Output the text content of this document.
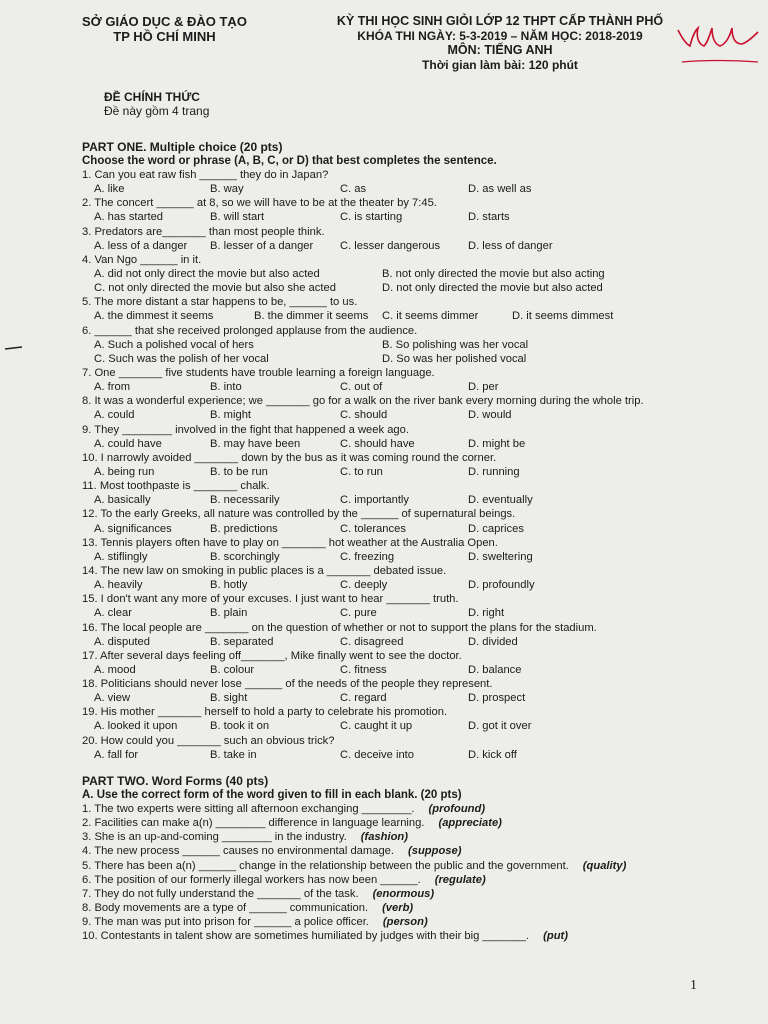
SỞ GIÁO DỤC & ĐÀO TẠO
TP HỒ CHÍ MINH
KỲ THI HỌC SINH GIỎI LỚP 12 THPT CẤP THÀNH PHỐ
KHÓA THI NGÀY: 5-3-2019 – NĂM HỌC: 2018-2019
MÔN: TIẾNG ANH
Thời gian làm bài: 120 phút
ĐỀ CHÍNH THỨC
Đề này gồm 4 trang
PART ONE. Multiple choice (20 pts)
Choose the word or phrase (A, B, C, or D) that best completes the sentence.
1. Can you eat raw fish ______ they do in Japan?
A. like	B. way	C. as	D. as well as
2. The concert ______ at 8, so we will have to be at the theater by 7:45.
A. has started	B. will start	C. is starting	D. starts
3. Predators are_______ than most people think.
A. less of a danger B. lesser of a danger C. lesser dangerous D. less of danger
4. Van Ngo ______ in it.
A. did not only direct the movie but also acted	B. not only directed the movie but also acting
C. not only directed the movie but also she acted	D. not only directed the movie but also acted
5. The more distant a star happens to be, ______ to us.
A. the dimmest it seems	B. the dimmer it seems C. it seems dimmer	D. it seems dimmest
6. ______ that she received prolonged applause from the audience.
A. Such a polished vocal of hers	B. So polishing was her vocal
C. Such was the polish of her vocal	D. So was her polished vocal
7. One _______ five students have trouble learning a foreign language.
A. from	B. into	C. out of	D. per
8. It was a wonderful experience; we _______ go for a walk on the river bank every morning during the whole trip.
A. could	B. might	C. should	D. would
9. They ________ involved in the fight that happened a week ago.
A. could have	B. may have been	C. should have	D. might be
10. I narrowly avoided _______ down by the bus as it was coming round the corner.
A. being run	B. to be run	C. to run	D. running
11. Most toothpaste is _______ chalk.
A. basically	B. necessarily	C. importantly	D. eventually
12. To the early Greeks, all nature was controlled by the ______ of supernatural beings.
A. significances	B. predictions	C. tolerances	D. caprices
13. Tennis players often have to play on _______ hot weather at the Australia Open.
A. stiflingly	B. scorchingly	C. freezing	D. sweltering
14. The new law on smoking in public places is a _______ debated issue.
A. heavily	B. hotly	C. deeply	D. profoundly
15. I don't want any more of your excuses. I just want to hear _______ truth.
A. clear	B. plain	C. pure	D. right
16. The local people are _______ on the question of whether or not to support the plans for the stadium.
A. disputed	B. separated	C. disagreed	D. divided
17. After several days feeling off_______, Mike finally went to see the doctor.
A. mood	B. colour	C. fitness	D. balance
18. Politicians should never lose ______ of the needs of the people they represent.
A. view	B. sight	C. regard	D. prospect
19. His mother _______ herself to hold a party to celebrate his promotion.
A. looked it upon	B. took it on	C. caught it up	D. got it over
20. How could you _______ such an obvious trick?
A. fall for	B. take in	C. deceive into	D. kick off
PART TWO. Word Forms (40 pts)
A. Use the correct form of the word given to fill in each blank. (20 pts)
1. The two experts were sitting all afternoon exchanging ________. (profound)
2. Facilities can make a(n) ________ difference in language learning. (appreciate)
3. She is an up-and-coming ________ in the industry. (fashion)
4. The new process ______ causes no environmental damage. (suppose)
5. There has been a(n) ______ change in the relationship between the public and the government. (quality)
6. The position of our formerly illegal workers has now been ______. (regulate)
7. They do not fully understand the _______ of the task. (enormous)
8. Body movements are a type of ______ communication. (verb)
9. The man was put into prison for ______ a police officer. (person)
10. Contestants in talent show are sometimes humiliated by judges with their big _______. (put)
1
